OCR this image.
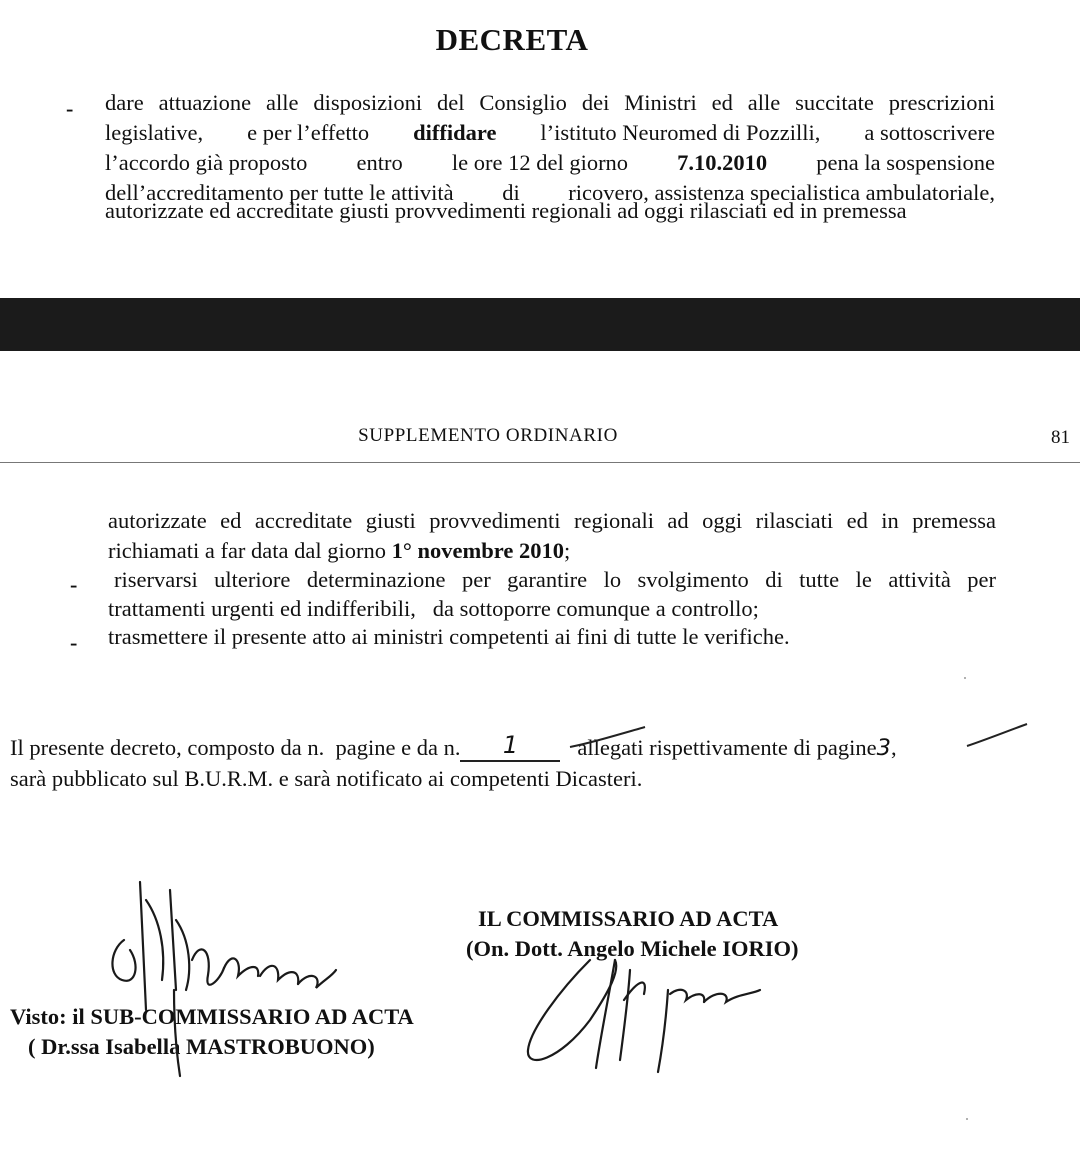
DECRETA
- dare attuazione alle disposizioni del Consiglio dei Ministri ed alle succitate prescrizioni
legislative, e per l’effetto diffidare l’istituto Neuromed di Pozzilli, a sottoscrivere
l’accordo già proposto entro le ore 12 del giorno 7.10.2010 pena la sospensione
dell’accreditamento per tutte le attività di ricovero, assistenza specialistica ambulatoriale,
autorizzate ed accreditate giusti provvedimenti regionali ad oggi rilasciati ed in premessa
SUPPLEMENTO ORDINARIO	81
autorizzate ed accreditate giusti provvedimenti regionali ad oggi rilasciati ed in premessa
richiamati a far data dal giorno 1° novembre 2010;
- riservarsi ulteriore determinazione per garantire lo svolgimento di tutte le attività per
trattamenti urgenti ed indifferibili, da sottoporre comunque a controllo;
- trasmettere il presente atto ai ministri competenti ai fini di tutte le verifiche.
Il presente decreto, composto da n. pagine e da n. 1	allegati rispettivamente di pagine3,
sarà pubblicato sul B.U.R.M. e sarà notificato ai competenti Dicasteri.
IL COMMISSARIO AD ACTA
(On. Dott. Angelo Michele IORIO)
Visto: il SUB-COMMISSARIO AD ACTA
( Dr.ssa Isabella MASTROBUONO)
